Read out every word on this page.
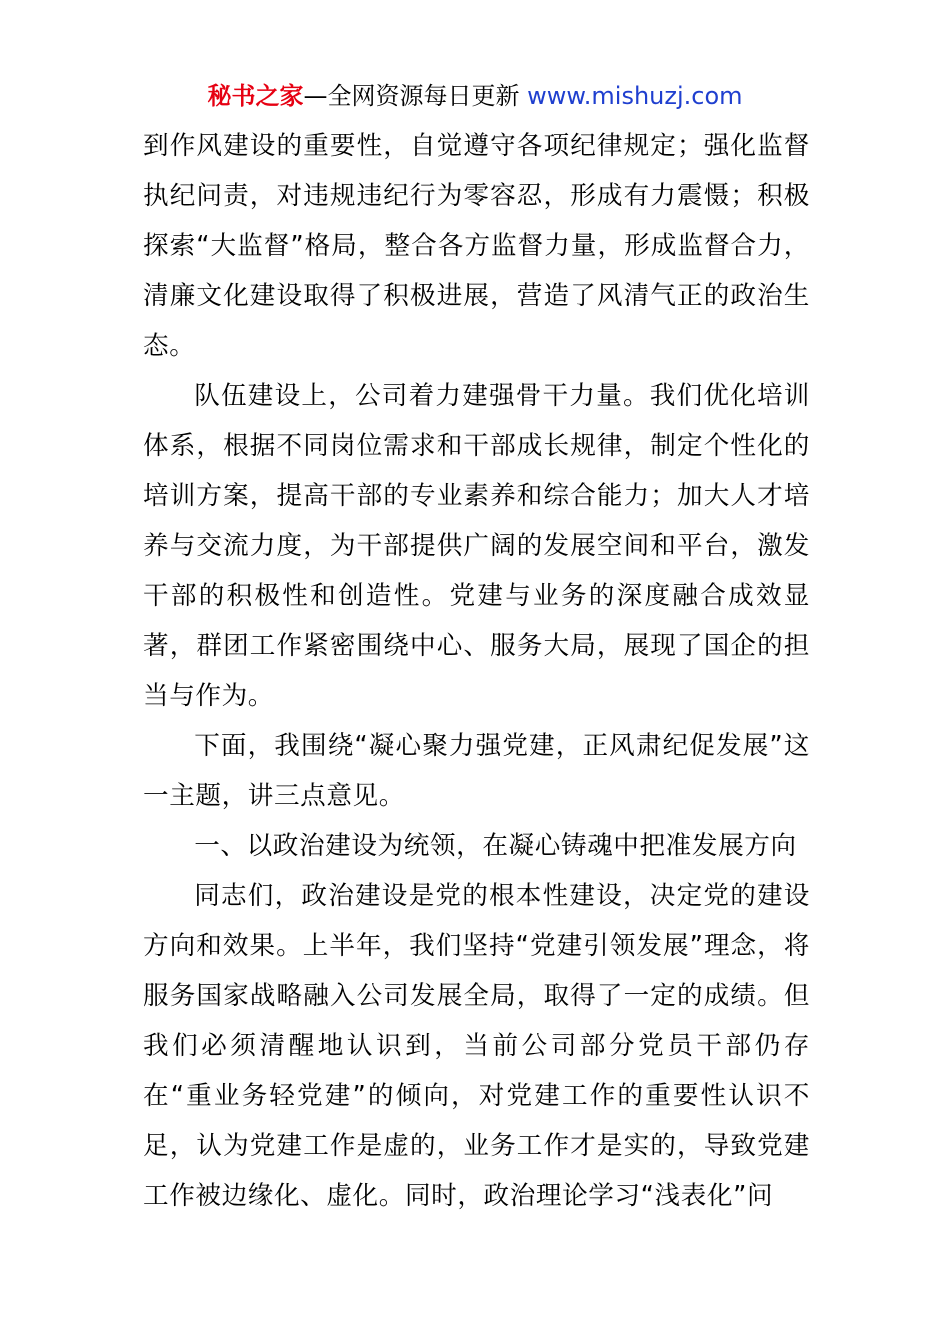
秘书之家—全网资源每日更新 www.mishuzj.com

到作风建设的重要性，自觉遵守各项纪律规定；强化监督执纪问责，对违规违纪行为零容忍，形成有力震慑；积极探索“大监督”格局，整合各方监督力量，形成监督合力，清廉文化建设取得了积极进展，营造了风清气正的政治生态。

队伍建设上，公司着力建强骨干力量。我们优化培训体系，根据不同岗位需求和干部成长规律，制定个性化的培训方案，提高干部的专业素养和综合能力；加大人才培养与交流力度，为干部提供广阔的发展空间和平台，激发干部的积极性和创造性。党建与业务的深度融合成效显著，群团工作紧密围绕中心、服务大局，展现了国企的担当与作为。

下面，我围绕“凝心聚力强党建，正风肃纪促发展”这一主题，讲三点意见。

一、以政治建设为统领，在凝心铸魂中把准发展方向

同志们，政治建设是党的根本性建设，决定党的建设方向和效果。上半年，我们坚持“党建引领发展”理念，将服务国家战略融入公司发展全局，取得了一定的成绩。但我们必须清醒地认识到，当前公司部分党员干部仍存在“重业务轻党建”的倾向，对党建工作的重要性认识不足，认为党建工作是虚的，业务工作才是实的，导致党建工作被边缘化、虚化。同时，政治理论学习“浅表化”问
